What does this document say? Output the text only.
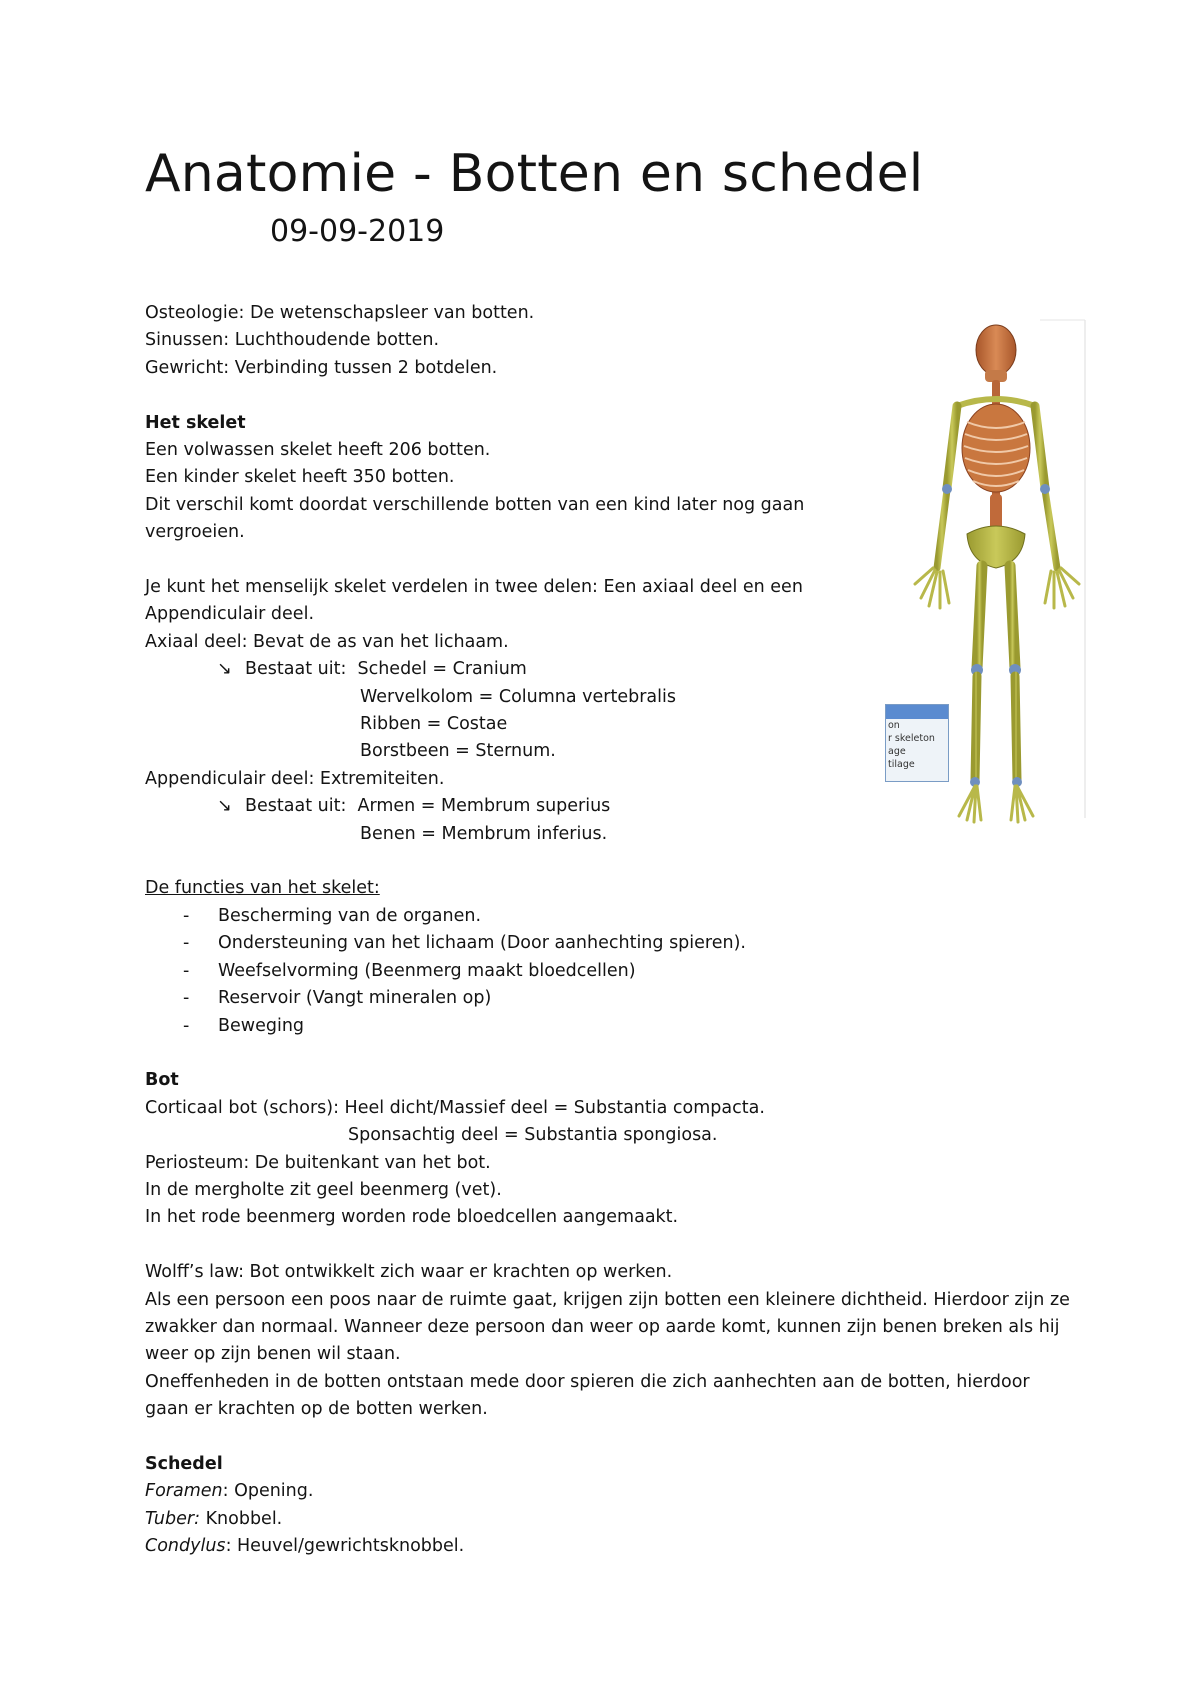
Anatomie - Botten en schedel
09-09-2019

Osteologie: De wetenschapsleer van botten.

Sinussen: Luchthoudende botten.

Gewricht: Verbinding tussen 2 botdelen.

Het skelet

Een volwassen skelet heeft 206 botten.

Een kinder skelet heeft 350 botten.

Dit verschil komt doordat verschillende botten van een kind later nog gaan vergroeien.

Je kunt het menselijk skelet verdelen in twee delen: Een axiaal deel en een Appendiculair deel.

Axiaal deel: Bevat de as van het lichaam.

↘ Bestaat uit: Schedel = Cranium

Wervelkolom = Columna vertebralis

Ribben = Costae

Borstbeen = Sternum.

Appendiculair deel: Extremiteiten.

↘ Bestaat uit: Armen = Membrum superius

Benen = Membrum inferius.

De functies van het skelet:

- Bescherming van de organen.
- Ondersteuning van het lichaam (Door aanhechting spieren).
- Weefselvorming (Beenmerg maakt bloedcellen)
- Reservoir (Vangt mineralen op)
- Beweging

Bot

Corticaal bot (schors): Heel dicht/Massief deel = Substantia compacta.

Sponsachtig deel = Substantia spongiosa.

Periosteum: De buitenkant van het bot.

In de mergholte zit geel beenmerg (vet).

In het rode beenmerg worden rode bloedcellen aangemaakt.

Wolff’s law: Bot ontwikkelt zich waar er krachten op werken.

Als een persoon een poos naar de ruimte gaat, krijgen zijn botten een kleinere dichtheid. Hierdoor zijn ze zwakker dan normaal. Wanneer deze persoon dan weer op aarde komt, kunnen zijn benen breken als hij weer op zijn benen wil staan.

Oneffenheden in de botten ontstaan mede door spieren die zich aanhechten aan de botten, hierdoor gaan er krachten op de botten werken.

Schedel

Foramen: Opening.

Tuber: Knobbel.

Condylus: Heuvel/gewrichtsknobbel.

on
r skeleton
age
tilage
